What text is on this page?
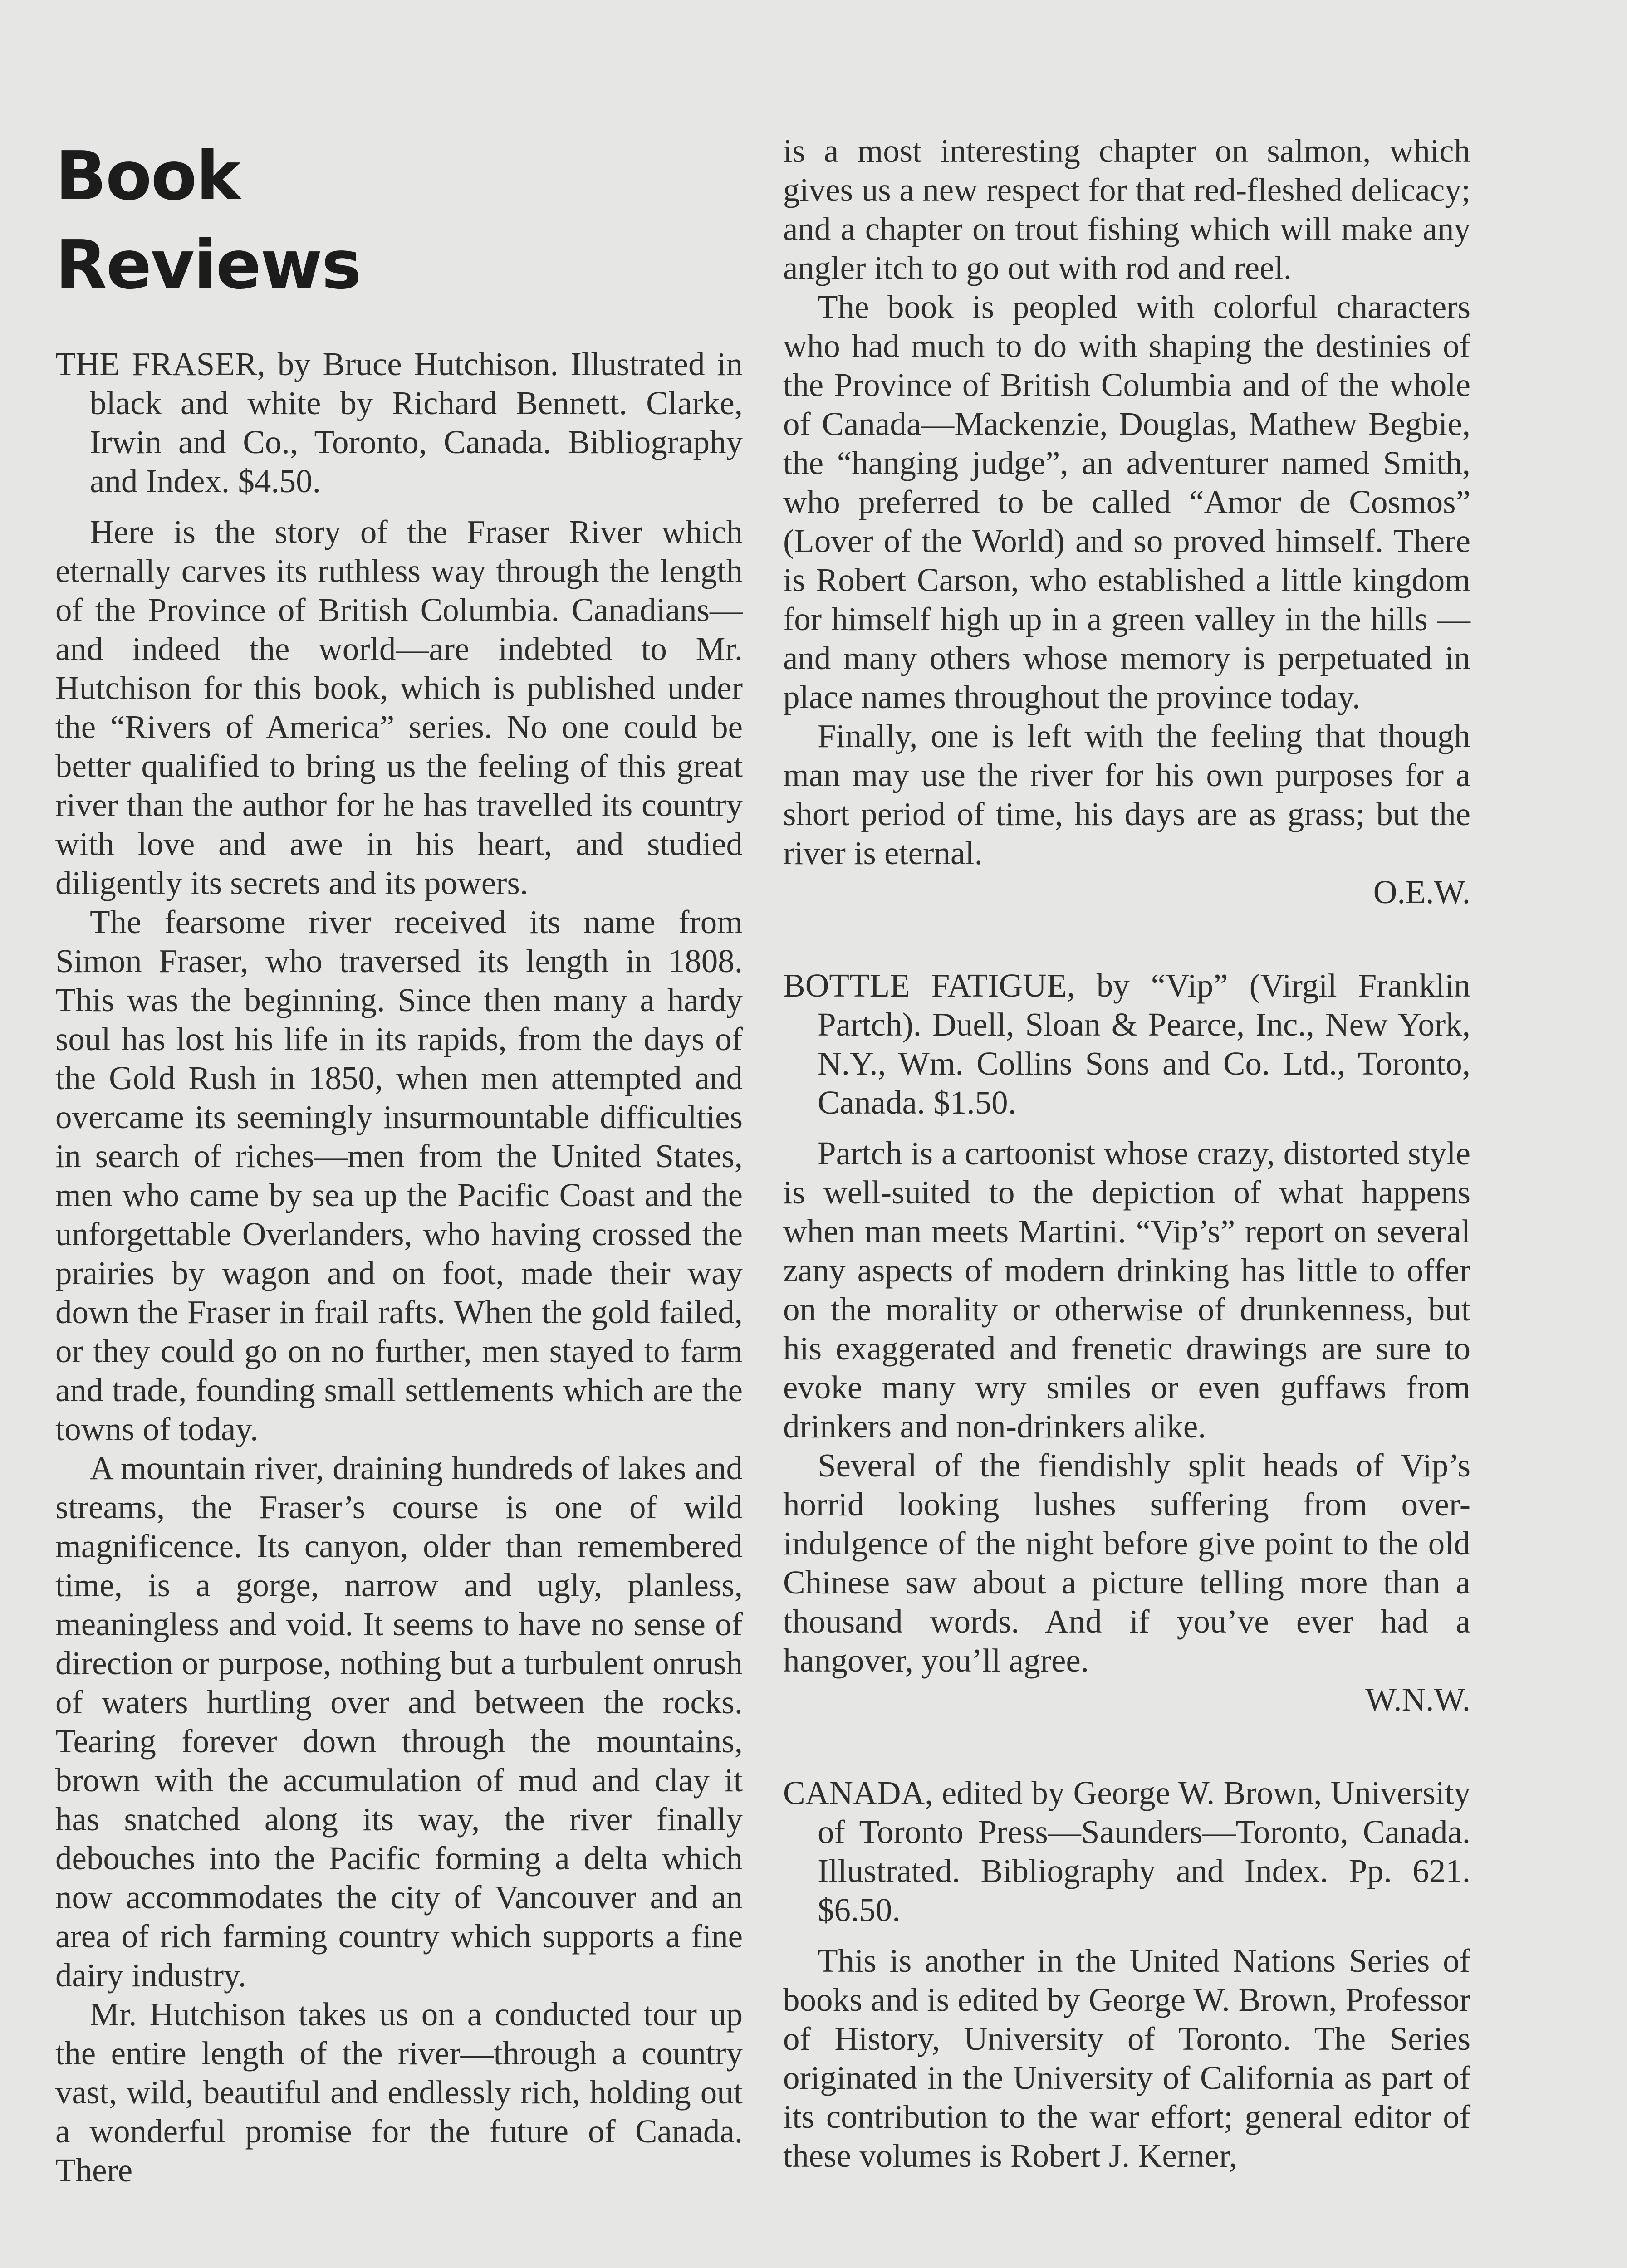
Book
Reviews
THE FRASER, by Bruce Hutchison. Illustrated in black and white by Richard Bennett. Clarke, Irwin and Co., Toronto, Canada. Bibliography and Index. $4.50.

Here is the story of the Fraser River which eternally carves its ruthless way through the length of the Province of British Columbia. Canadians—and indeed the world—are indebted to Mr. Hutchison for this book, which is published under the “Rivers of America” series. No one could be better qualified to bring us the feeling of this great river than the author for he has travelled its country with love and awe in his heart, and studied diligently its secrets and its powers.

The fearsome river received its name from Simon Fraser, who traversed its length in 1808. This was the beginning. Since then many a hardy soul has lost his life in its rapids, from the days of the Gold Rush in 1850, when men attempted and overcame its seemingly insurmountable difficulties in search of riches—men from the United States, men who came by sea up the Pacific Coast and the unforgettable Overlanders, who having crossed the prairies by wagon and on foot, made their way down the Fraser in frail rafts. When the gold failed, or they could go on no further, men stayed to farm and trade, founding small settlements which are the towns of today.

A mountain river, draining hundreds of lakes and streams, the Fraser’s course is one of wild magnificence. Its canyon, older than remembered time, is a gorge, narrow and ugly, planless, meaningless and void. It seems to have no sense of direction or purpose, nothing but a turbulent onrush of waters hurtling over and between the rocks. Tearing forever down through the mountains, brown with the accumulation of mud and clay it has snatched along its way, the river finally debouches into the Pacific forming a delta which now accommodates the city of Vancouver and an area of rich farming country which supports a fine dairy industry.

Mr. Hutchison takes us on a conducted tour up the entire length of the river—through a country vast, wild, beautiful and endlessly rich, holding out a wonderful promise for the future of Canada. There

is a most interesting chapter on salmon, which gives us a new respect for that red-fleshed delicacy; and a chapter on trout fishing which will make any angler itch to go out with rod and reel.

The book is peopled with colorful characters who had much to do with shaping the destinies of the Province of British Columbia and of the whole of Canada—Mackenzie, Douglas, Mathew Begbie, the “hanging judge”, an adventurer named Smith, who preferred to be called “Amor de Cosmos” (Lover of the World) and so proved himself. There is Robert Carson, who established a little kingdom for himself high up in a green valley in the hills —and many others whose memory is perpetuated in place names throughout the province today.

Finally, one is left with the feeling that though man may use the river for his own purposes for a short period of time, his days are as grass; but the river is eternal.

O.E.W.

BOTTLE FATIGUE, by “Vip” (Virgil Franklin Partch). Duell, Sloan & Pearce, Inc., New York, N.Y., Wm. Collins Sons and Co. Ltd., Toronto, Canada. $1.50.

Partch is a cartoonist whose crazy, distorted style is well-suited to the depiction of what happens when man meets Martini. “Vip’s” report on several zany aspects of modern drinking has little to offer on the morality or otherwise of drunkenness, but his exaggerated and frenetic drawings are sure to evoke many wry smiles or even guffaws from drinkers and non-drinkers alike.

Several of the fiendishly split heads of Vip’s horrid looking lushes suffering from over-indulgence of the night before give point to the old Chinese saw about a picture telling more than a thousand words. And if you’ve ever had a hangover, you’ll agree.

W.N.W.

CANADA, edited by George W. Brown, University of Toronto Press—Saunders—Toronto, Canada. Illustrated. Bibliography and Index. Pp. 621. $6.50.

This is another in the United Nations Series of books and is edited by George W. Brown, Professor of History, University of Toronto. The Series originated in the University of California as part of its contribution to the war effort; general editor of these volumes is Robert J. Kerner,
